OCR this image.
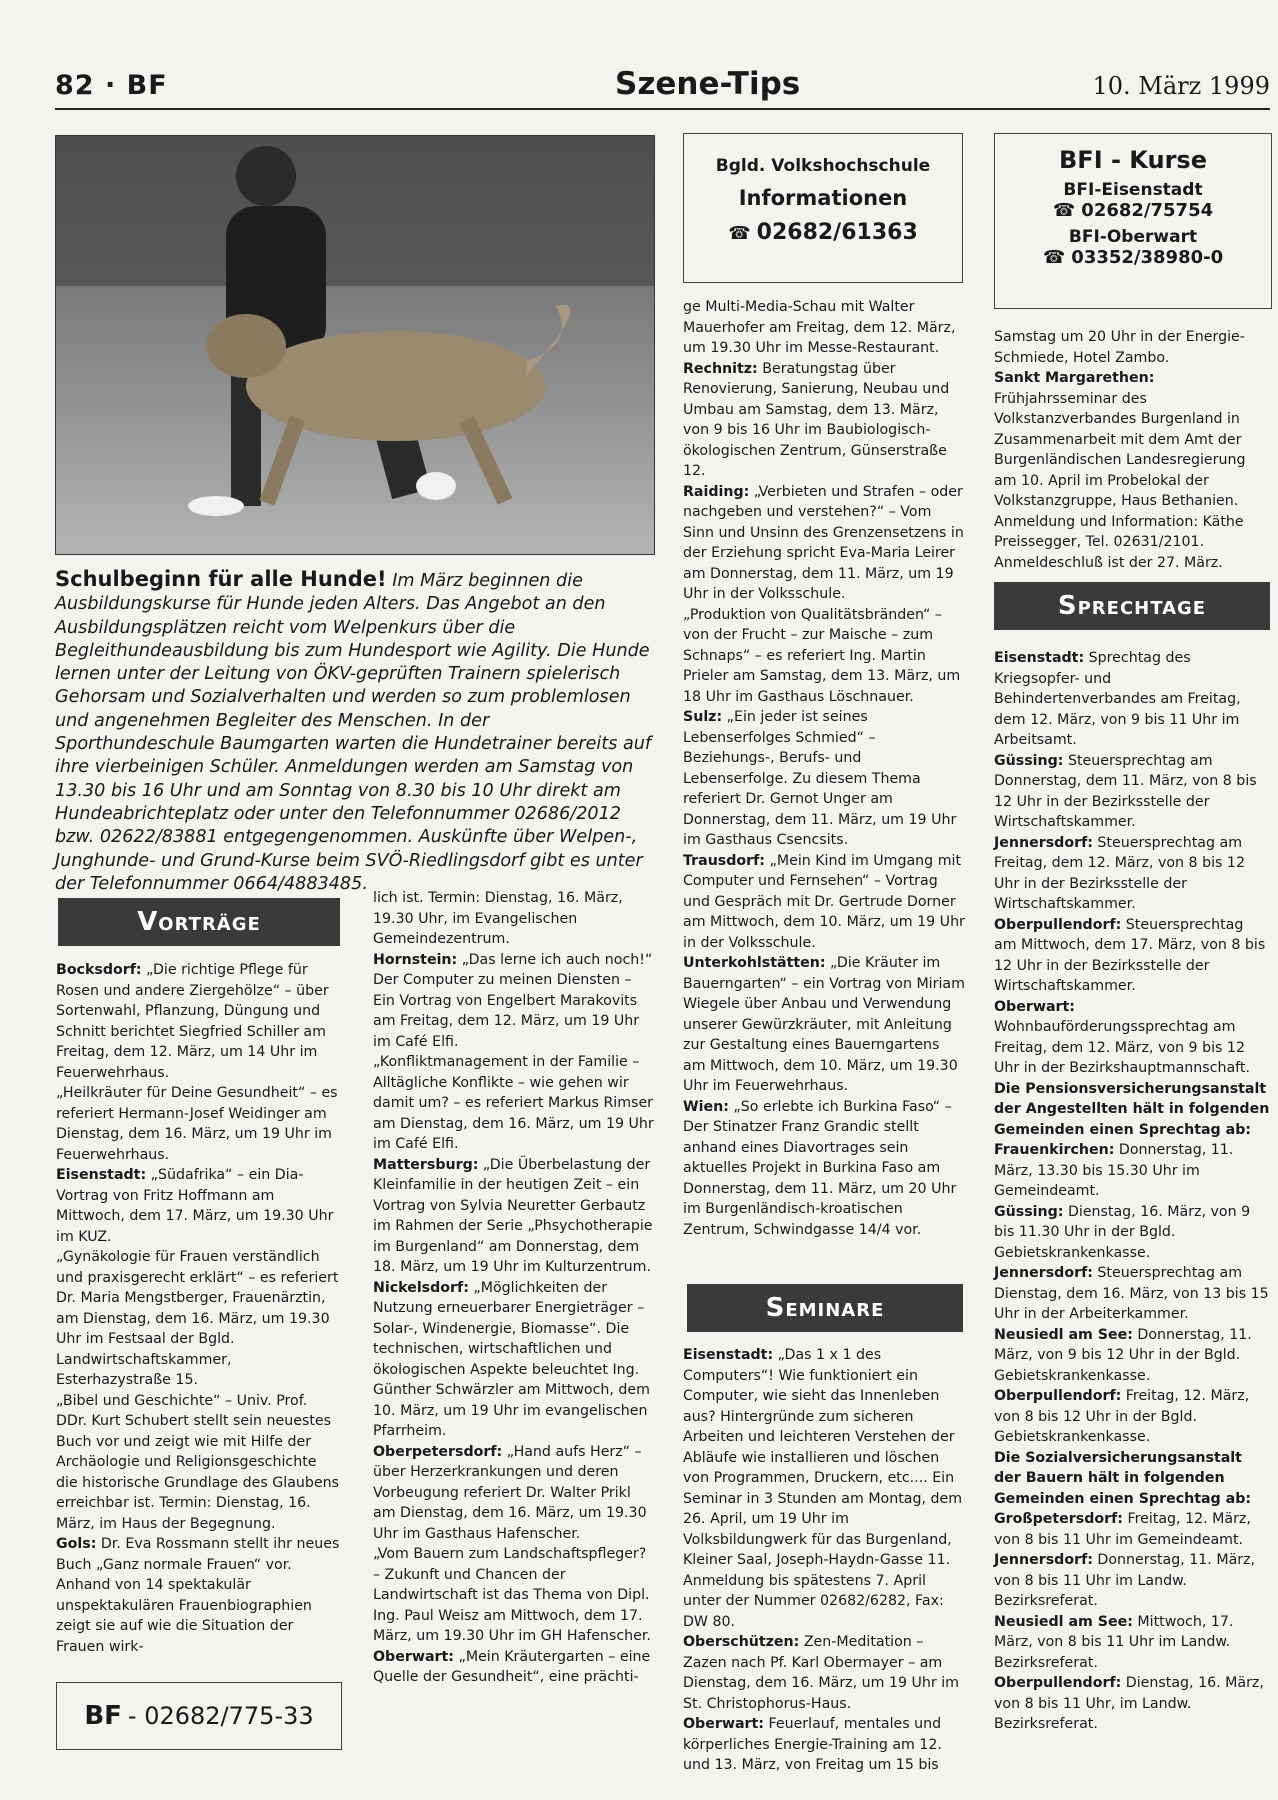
82 · BF	Szene-Tips	10. März 1999
Schulbeginn für alle Hunde! Im März beginnen die Ausbildungskurse für Hunde jeden Alters. Das Angebot an den Ausbildungsplätzen reicht vom Welpenkurs über die Begleithundeausbildung bis zum Hundesport wie Agility. Die Hunde lernen unter der Leitung von ÖKV-geprüften Trainern spielerisch Gehorsam und Sozialverhalten und werden so zum problemlosen und angenehmen Begleiter des Menschen. In der Sporthundeschule Baumgarten warten die Hundetrainer bereits auf ihre vierbeinigen Schüler. Anmeldungen werden am Samstag von 13.30 bis 16 Uhr und am Sonntag von 8.30 bis 10 Uhr direkt am Hundeabrichteplatz oder unter den Telefonnummer 02686/2012 bzw. 02622/83881 entgegengenommen. Auskünfte über Welpen-, Junghunde- und Grund-Kurse beim SVÖ-Riedlingsdorf gibt es unter der Telefonnummer 0664/4883485.
Vorträge

Bocksdorf: „Die richtige Pflege für Rosen und andere Ziergehölze“ – über Sortenwahl, Pflanzung, Düngung und Schnitt berichtet Siegfried Schiller am Freitag, dem 12. März, um 14 Uhr im Feuerwehrhaus.

„Heilkräuter für Deine Gesundheit“ – es referiert Hermann-Josef Weidinger am Dienstag, dem 16. März, um 19 Uhr im Feuerwehrhaus.

Eisenstadt: „Südafrika“ – ein Dia-Vortrag von Fritz Hoffmann am Mittwoch, dem 17. März, um 19.30 Uhr im KUZ.

„Gynäkologie für Frauen verständlich und praxisgerecht erklärt“ – es referiert Dr. Maria Mengstberger, Frauenärztin, am Dienstag, dem 16. März, um 19.30 Uhr im Festsaal der Bgld. Landwirtschaftskammer, Esterhazystraße 15.

„Bibel und Geschichte“ – Univ. Prof. DDr. Kurt Schubert stellt sein neuestes Buch vor und zeigt wie mit Hilfe der Archäologie und Religionsgeschichte die historische Grundlage des Glaubens erreichbar ist. Termin: Dienstag, 16. März, im Haus der Begegnung.

Gols: Dr. Eva Rossmann stellt ihr neues Buch „Ganz normale Frauen“ vor. Anhand von 14 spektakulär unspektakulären Frauenbiographien zeigt sie auf wie die Situation der Frauen wirk-

BF - 02682/775-33

lich ist. Termin: Dienstag, 16. März, 19.30 Uhr, im Evangelischen Gemeindezentrum.

Hornstein: „Das lerne ich auch noch!“ Der Computer zu meinen Diensten – Ein Vortrag von Engelbert Marakovits am Freitag, dem 12. März, um 19 Uhr im Café Elfi.

„Konfliktmanagement in der Familie – Alltägliche Konflikte – wie gehen wir damit um? – es referiert Markus Rimser am Dienstag, dem 16. März, um 19 Uhr im Café Elfi.

Mattersburg: „Die Überbelastung der Kleinfamilie in der heutigen Zeit – ein Vortrag von Sylvia Neuretter Gerbautz im Rahmen der Serie „Phsychotherapie im Burgenland“ am Donnerstag, dem 18. März, um 19 Uhr im Kulturzentrum.

Nickelsdorf: „Möglichkeiten der Nutzung erneuerbarer Energieträger – Solar-, Windenergie, Biomasse“. Die technischen, wirtschaftlichen und ökologischen Aspekte beleuchtet Ing. Günther Schwärzler am Mittwoch, dem 10. März, um 19 Uhr im evangelischen Pfarrheim.

Oberpetersdorf: „Hand aufs Herz“ – über Herzerkrankungen und deren Vorbeugung referiert Dr. Walter Prikl am Dienstag, dem 16. März, um 19.30 Uhr im Gasthaus Hafenscher.

„Vom Bauern zum Landschaftspfleger? – Zukunft und Chancen der Landwirtschaft ist das Thema von Dipl. Ing. Paul Weisz am Mittwoch, dem 17. März, um 19.30 Uhr im GH Hafenscher.

Oberwart: „Mein Kräutergarten – eine Quelle der Gesundheit“, eine prächti-

Bgld. Volkshochschule
Informationen
☎ 02682/61363

ge Multi-Media-Schau mit Walter Mauerhofer am Freitag, dem 12. März, um 19.30 Uhr im Messe-Restaurant.

Rechnitz: Beratungstag über Renovierung, Sanierung, Neubau und Umbau am Samstag, dem 13. März, von 9 bis 16 Uhr im Baubiologisch-ökologischen Zentrum, Günserstraße 12.

Raiding: „Verbieten und Strafen – oder nachgeben und verstehen?“ – Vom Sinn und Unsinn des Grenzensetzens in der Erziehung spricht Eva-Maria Leirer am Donnerstag, dem 11. März, um 19 Uhr in der Volksschule.

„Produktion von Qualitätsbränden“ – von der Frucht – zur Maische – zum Schnaps“ – es referiert Ing. Martin Prieler am Samstag, dem 13. März, um 18 Uhr im Gasthaus Löschnauer.

Sulz: „Ein jeder ist seines Lebenserfolges Schmied“ – Beziehungs-, Berufs- und Lebenserfolge. Zu diesem Thema referiert Dr. Gernot Unger am Donnerstag, dem 11. März, um 19 Uhr im Gasthaus Csencsits.

Trausdorf: „Mein Kind im Umgang mit Computer und Fernsehen“ – Vortrag und Gespräch mit Dr. Gertrude Dorner am Mittwoch, dem 10. März, um 19 Uhr in der Volksschule.

Unterkohlstätten: „Die Kräuter im Bauerngarten“ – ein Vortrag von Miriam Wiegele über Anbau und Verwendung unserer Gewürzkräuter, mit Anleitung zur Gestaltung eines Bauerngartens am Mittwoch, dem 10. März, um 19.30 Uhr im Feuerwehrhaus.

Wien: „So erlebte ich Burkina Faso“ –Der Stinatzer Franz Grandic stellt anhand eines Diavortrages sein aktuelles Projekt in Burkina Faso am Donnerstag, dem 11. März, um 20 Uhr im Burgenländisch-kroatischen Zentrum, Schwindgasse 14/4 vor.

Seminare

Eisenstadt: „Das 1 x 1 des Computers“! Wie funktioniert ein Computer, wie sieht das Innenleben aus? Hintergründe zum sicheren Arbeiten und leichteren Verstehen der Abläufe wie installieren und löschen von Programmen, Druckern, etc.... Ein Seminar in 3 Stunden am Montag, dem 26. April, um 19 Uhr im Volksbildungwerk für das Burgenland, Kleiner Saal, Joseph-Haydn-Gasse 11. Anmeldung bis spätestens 7. April unter der Nummer 02682/6282, Fax: DW 80.

Oberschützen: Zen-Meditation – Zazen nach Pf. Karl Obermayer – am Dienstag, dem 16. März, um 19 Uhr im St. Christophorus-Haus.

Oberwart: Feuerlauf, mentales und körperliches Energie-Training am 12. und 13. März, von Freitag um 15 bis

BFI - Kurse
BFI-Eisenstadt
☎ 02682/75754
BFI-Oberwart
☎ 03352/38980-0

Samstag um 20 Uhr in der Energie-Schmiede, Hotel Zambo.

Sankt Margarethen: Frühjahrsseminar des Volkstanzverbandes Burgenland in Zusammenarbeit mit dem Amt der Burgenländischen Landesregierung am 10. April im Probelokal der Volkstanzgruppe, Haus Bethanien. Anmeldung und Information: Käthe Preissegger, Tel. 02631/2101. Anmeldeschluß ist der 27. März.

Sprechtage

Eisenstadt: Sprechtag des Kriegsopfer- und Behindertenverbandes am Freitag, dem 12. März, von 9 bis 11 Uhr im Arbeitsamt.

Güssing: Steuersprechtag am Donnerstag, dem 11. März, von 8 bis 12 Uhr in der Bezirksstelle der Wirtschaftskammer.

Jennersdorf: Steuersprechtag am Freitag, dem 12. März, von 8 bis 12 Uhr in der Bezirksstelle der Wirtschaftskammer.

Oberpullendorf: Steuersprechtag am Mittwoch, dem 17. März, von 8 bis 12 Uhr in der Bezirksstelle der Wirtschaftskammer.

Oberwart: Wohnbauförderungssprechtag am Freitag, dem 12. März, von 9 bis 12 Uhr in der Bezirkshauptmannschaft.

Die Pensionsversicherungsanstalt der Angestellten hält in folgenden Gemeinden einen Sprechtag ab:

Frauenkirchen: Donnerstag, 11. März, 13.30 bis 15.30 Uhr im Gemeindeamt.

Güssing: Dienstag, 16. März, von 9 bis 11.30 Uhr in der Bgld. Gebietskrankenkasse.

Jennersdorf: Steuersprechtag am Dienstag, dem 16. März, von 13 bis 15 Uhr in der Arbeiterkammer.

Neusiedl am See: Donnerstag, 11. März, von 9 bis 12 Uhr in der Bgld. Gebietskrankenkasse.

Oberpullendorf: Freitag, 12. März, von 8 bis 12 Uhr in der Bgld. Gebietskrankenkasse.

Die Sozialversicherungsanstalt der Bauern hält in folgenden Gemeinden einen Sprechtag ab:

Großpetersdorf: Freitag, 12. März, von 8 bis 11 Uhr im Gemeindeamt.

Jennersdorf: Donnerstag, 11. März, von 8 bis 11 Uhr im Landw. Bezirksreferat.

Neusiedl am See: Mittwoch, 17. März, von 8 bis 11 Uhr im Landw. Bezirksreferat.

Oberpullendorf: Dienstag, 16. März, von 8 bis 11 Uhr, im Landw. Bezirksreferat.
